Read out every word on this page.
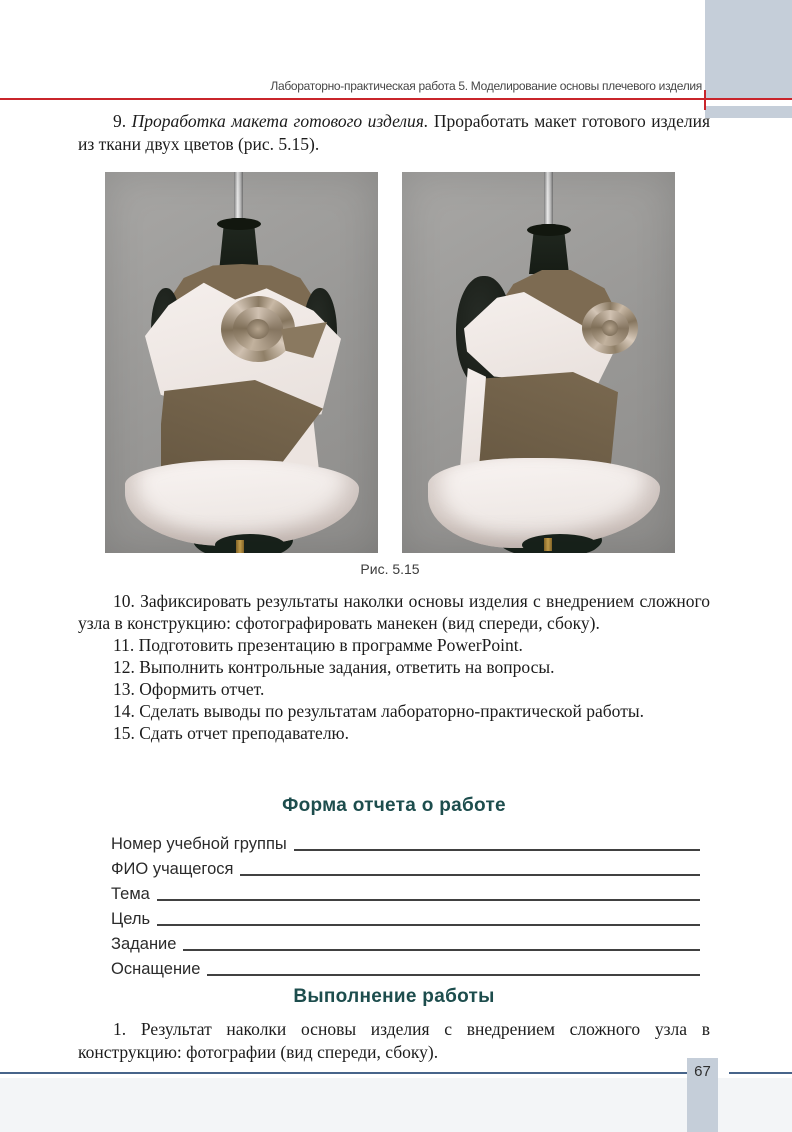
Лабораторно-практическая работа 5. Моделирование основы плечевого изделия

9. Проработка макета готового изделия. Проработать макет готового изделия из ткани двух цветов (рис. 5.15).

Рис. 5.15

10. Зафиксировать результаты наколки основы изделия с внедрением сложного узла в конструкцию: сфотографировать манекен (вид спереди, сбоку).

11. Подготовить презентацию в программе PowerPoint.

12. Выполнить контрольные задания, ответить на вопросы.

13. Оформить отчет.

14. Сделать выводы по результатам лабораторно-практической работы.

15. Сдать отчет преподавателю.

Форма отчета о работе
Номер учебной группы
ФИО учащегося
Тема
Цель
Задание
Оснащение
Выполнение работы

1. Результат наколки основы изделия с внедрением сложного узла в конструкцию: фотографии (вид спереди, сбоку).

67
